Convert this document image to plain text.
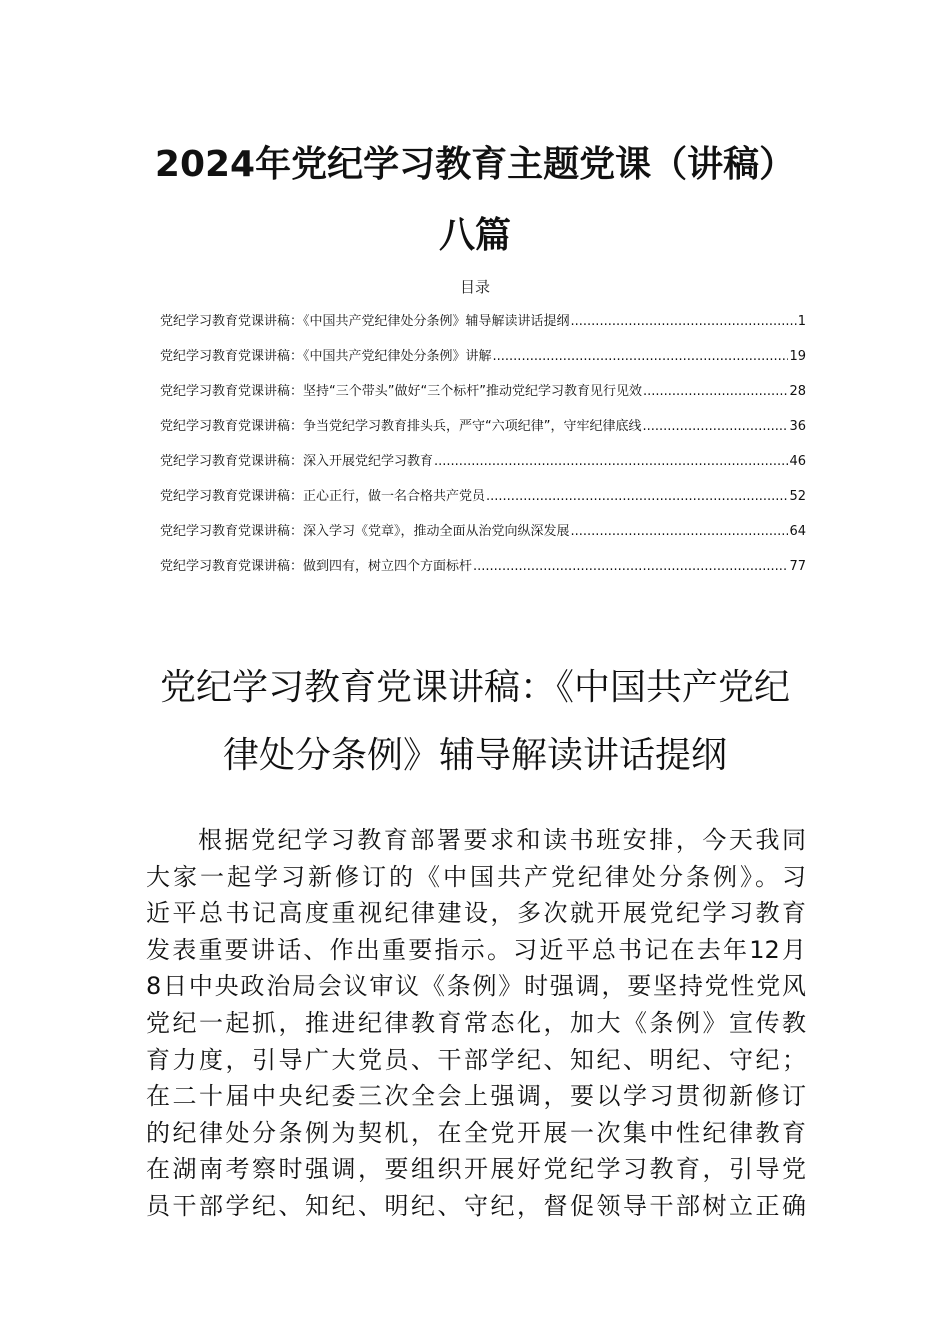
2024年党纪学习教育主题党课（讲稿）
八篇
目录
党纪学习教育党课讲稿：《中国共产党纪律处分条例》辅导解读讲话提纲 .....	1
党纪学习教育党课讲稿：《中国共产党纪律处分条例》讲解 .....	19
党纪学习教育党课讲稿：坚持“三个带头”做好“三个标杆”推动党纪学习教育见行见效 .....	28
党纪学习教育党课讲稿：争当党纪学习教育排头兵，严守“六项纪律”，守牢纪律底线 .....	36
党纪学习教育党课讲稿：深入开展党纪学习教育 .....	46
党纪学习教育党课讲稿：正心正行，做一名合格共产党员 .....	52
党纪学习教育党课讲稿：深入学习《党章》，推动全面从治党向纵深发展 .....	64
党纪学习教育党课讲稿：做到四有，树立四个方面标杆 .....	77
党纪学习教育党课讲稿：《中国共产党纪
律处分条例》辅导解读讲话提纲
根据党纪学习教育部署要求和读书班安排，今天我同
大家一起学习新修订的《中国共产党纪律处分条例》。习
近平总书记高度重视纪律建设，多次就开展党纪学习教育
发表重要讲话、作出重要指示。习近平总书记在去年12月
8日中央政治局会议审议《条例》时强调，要坚持党性党风
党纪一起抓，推进纪律教育常态化，加大《条例》宣传教
育力度，引导广大党员、干部学纪、知纪、明纪、守纪；
在二十届中央纪委三次全会上强调，要以学习贯彻新修订
的纪律处分条例为契机，在全党开展一次集中性纪律教育
在湖南考察时强调，要组织开展好党纪学习教育，引导党
员干部学纪、知纪、明纪、守纪，督促领导干部树立正确
